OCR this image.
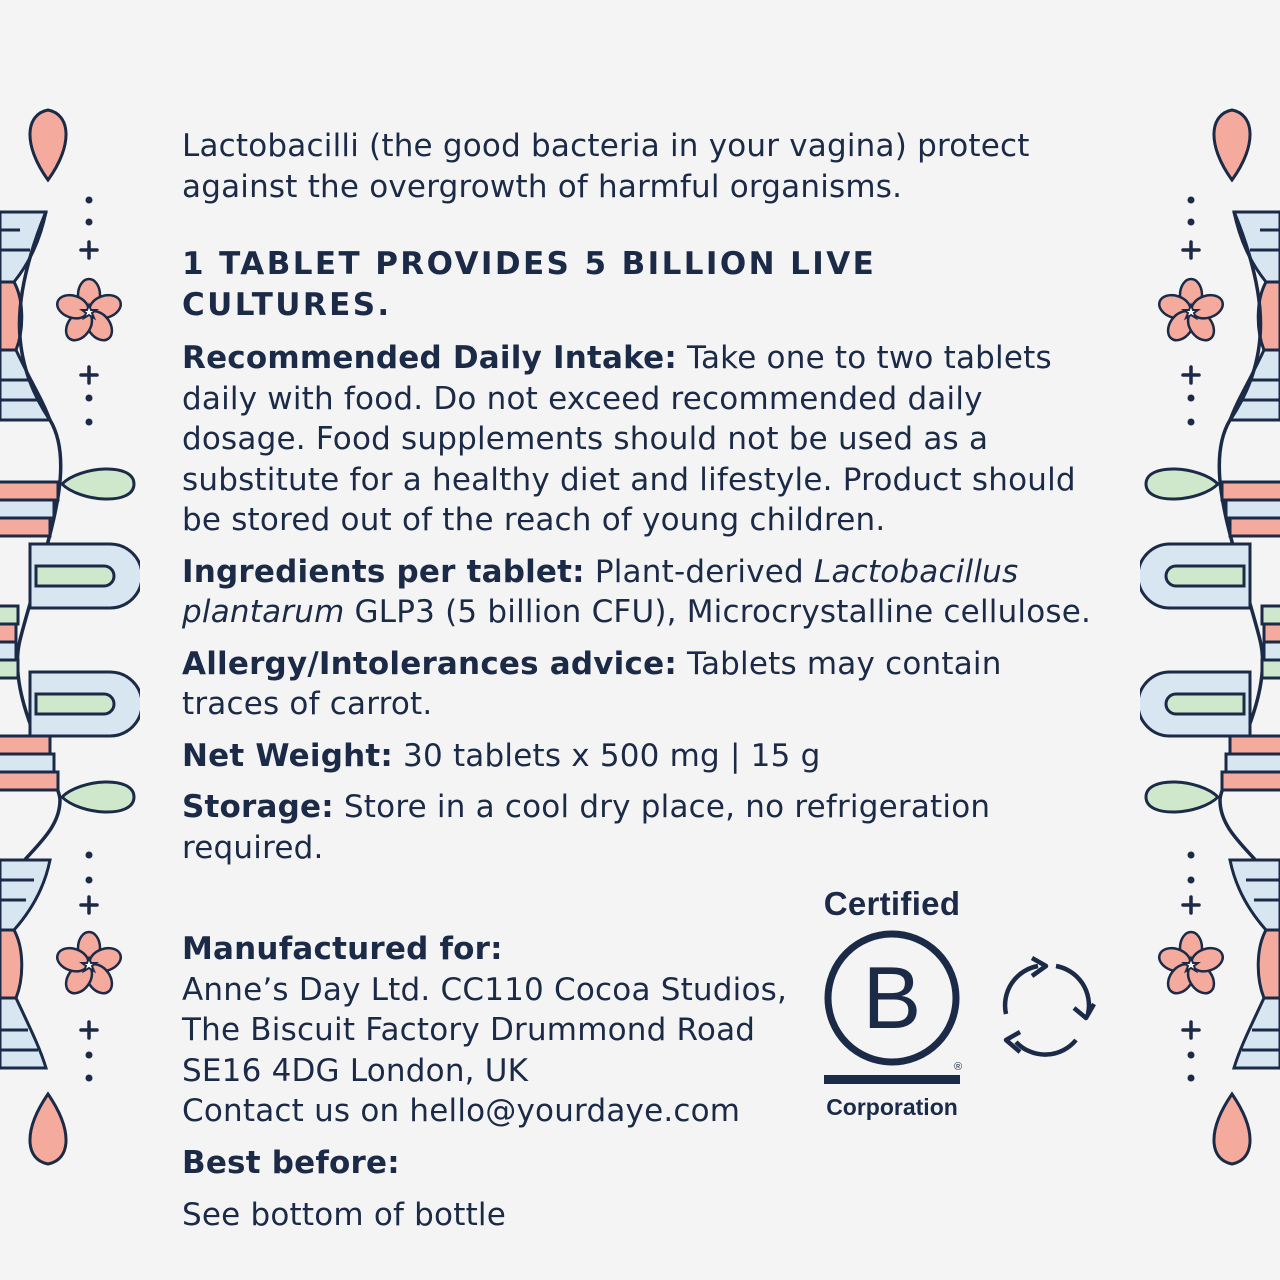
Lactobacilli (the good bacteria in your vagina) protect against the overgrowth of harmful organisms.

1 TABLET PROVIDES 5 BILLION LIVE CULTURES.

Recommended Daily Intake: Take one to two tablets daily with food. Do not exceed recommended daily dosage. Food supplements should not be used as a substitute for a healthy diet and lifestyle. Product should be stored out of the reach of young children.

Ingredients per tablet: Plant-derived Lactobacillus plantarum GLP3 (5 billion CFU), Microcrystalline cellulose.

Allergy/Intolerances advice: Tablets may contain traces of carrot.

Net Weight: 30 tablets x 500 mg | 15 g

Storage: Store in a cool dry place, no refrigeration required.

Manufactured for:

Anne’s Day Ltd. CC110 Cocoa Studios,

The Biscuit Factory Drummond Road

SE16 4DG London, UK

Contact us on hello@yourdaye.com

Best before:

See bottom of bottle

Certified
B
®
Corporation
